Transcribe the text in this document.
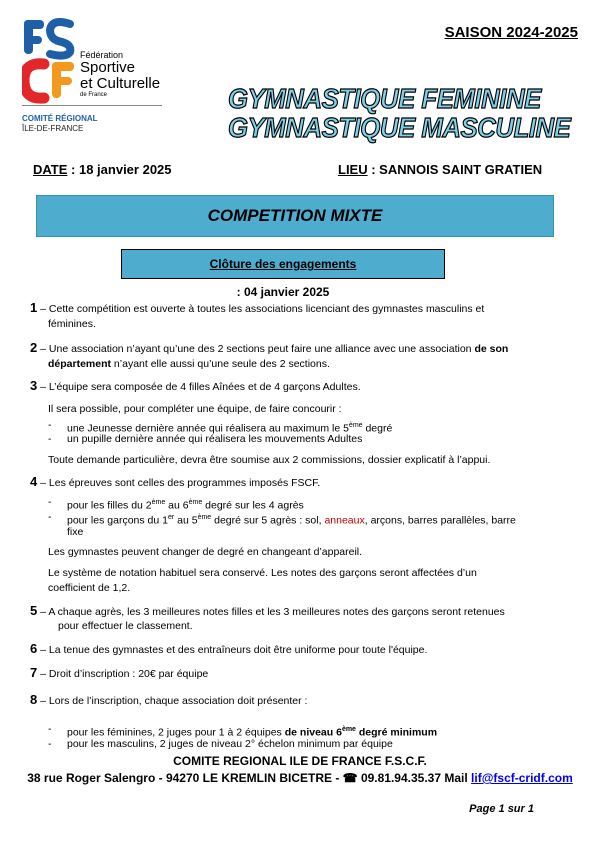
Fédération
Sportive
et Culturelle
de France
COMITÉ RÉGIONAL
ÎLE-DE-FRANCE
SAISON 2024-2025
GYMNASTIQUE FEMININE
GYMNASTIQUE MASCULINE
DATE : 18 janvier 2025	LIEU : SANNOIS SAINT GRATIEN
COMPETITION MIXTE
Clôture des engagements
: 04 janvier 2025
1 – Cette compétition est ouverte à toutes les associations licenciant des gymnastes masculins et
féminines.
2 – Une association n’ayant qu’une des 2 sections peut faire une alliance avec une association de son
département n’ayant elle aussi qu’une seule des 2 sections.
3 – L’équipe sera composée de 4 filles Aînées et de 4 garçons Adultes.
Il sera possible, pour compléter une équipe, de faire concourir :
- une Jeunesse dernière année qui réalisera au maximum le 5ème degré
- un pupille dernière année qui réalisera les mouvements Adultes
Toute demande particulière, devra être soumise aux 2 commissions, dossier explicatif à l’appui.
4 – Les épreuves sont celles des programmes imposés FSCF.
- pour les filles du 2ème au 6ème degré sur les 4 agrès
- pour les garçons du 1er au 5ème degré sur 5 agrès : sol, anneaux, arçons, barres parallèles, barre
fixe
Les gymnastes peuvent changer de degré en changeant d’appareil.
Le système de notation habituel sera conservé. Les notes des garçons seront affectées d’un
coefficient de 1,2.
5 – A chaque agrès, les 3 meilleures notes filles et les 3 meilleures notes des garçons seront retenues
pour effectuer le classement.
6 – La tenue des gymnastes et des entraîneurs doit être uniforme pour toute l'équipe.
7 – Droit d’inscription : 20€ par équipe
8 – Lors de l’inscription, chaque association doit présenter :
- pour les féminines, 2 juges pour 1 à 2 équipes de niveau 6ème degré minimum
- pour les masculins, 2 juges de niveau 2° échelon minimum par équipe
COMITE REGIONAL ILE DE FRANCE F.S.C.F.
38 rue Roger Salengro - 94270 LE KREMLIN BICETRE - ☎ 09.81.94.35.37 Mail lif@fscf-cridf.com
Page 1 sur 1
